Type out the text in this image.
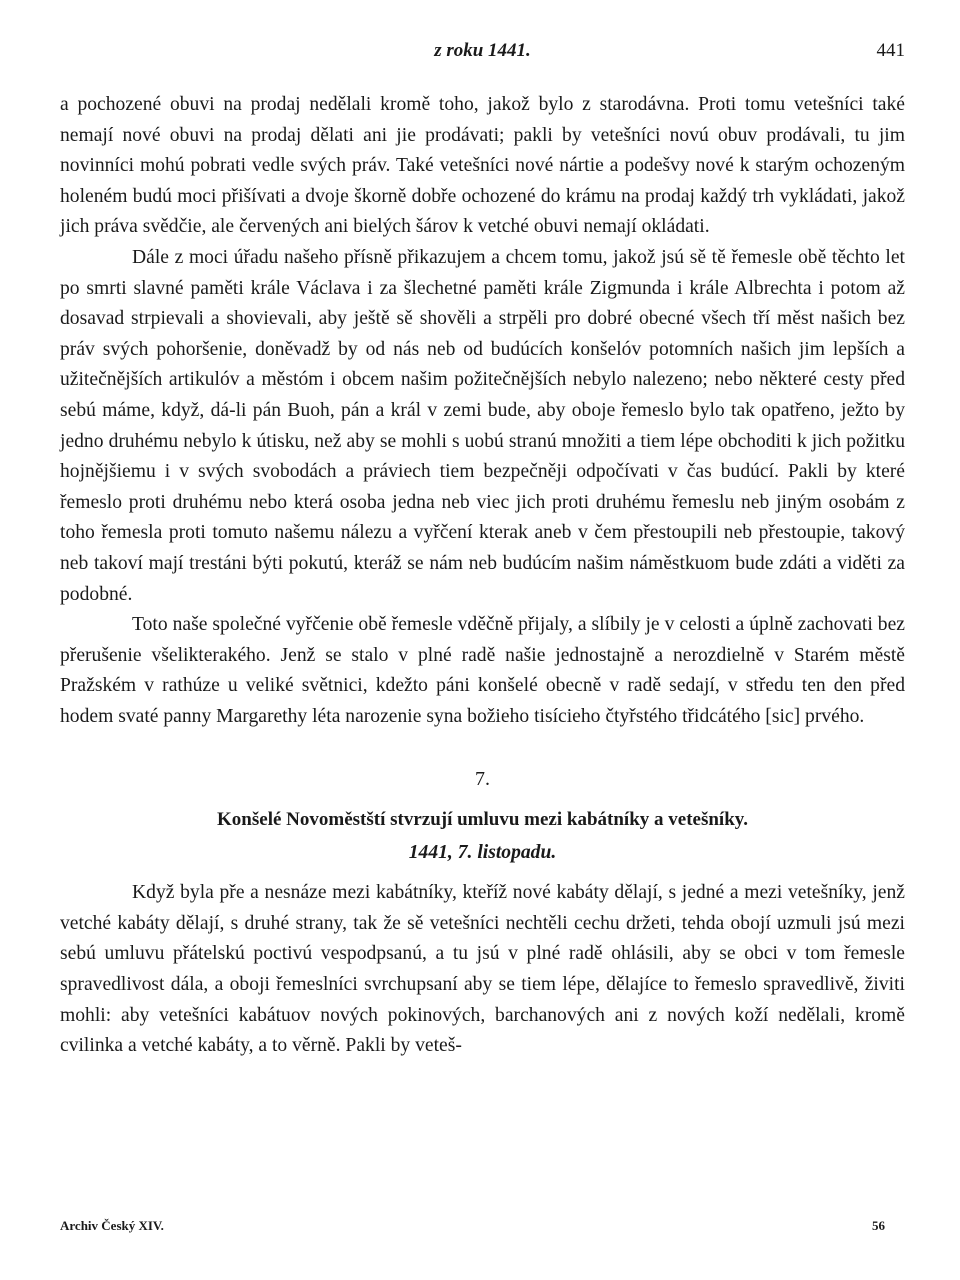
z roku 1441.	441

a pochozené obuvi na prodaj nedělali kromě toho, jakož bylo z starodávna. Proti tomu vetešníci také nemají nové obuvi na prodaj dělati ani jie prodávati; pakli by vetešníci novú obuv prodávali, tu jim novinníci mohú pobrati vedle svých práv. Také vetešníci nové nártie a podešvy nové k starým ochozeným holeném budú moci přišívati a dvoje škorně dobře ochozené do krámu na prodaj každý trh vykládati, jakož jich práva svědčie, ale červených ani bielých šárov k vetché obuvi nemají okládati.

Dále z moci úřadu našeho přísně přikazujem a chcem tomu, jakož jsú sě tě řemesle obě těchto let po smrti slavné paměti krále Václava i za šlechetné paměti krále Zigmunda i krále Albrechta i potom až dosavad strpievali a shovievali, aby ještě sě shověli a strpěli pro dobré obecné všech tří měst našich bez práv svých pohoršenie, doněvadž by od nás neb od budúcích konšelóv potomních našich jim lepších a užitečnějších artikulóv a městóm i obcem našim požitečnějších nebylo nalezeno; nebo některé cesty před sebú máme, když, dá-li pán Buoh, pán a král v zemi bude, aby oboje řemeslo bylo tak opatřeno, ježto by jedno druhému nebylo k útisku, než aby se mohli s uobú stranú množiti a tiem lépe obchoditi k jich požitku hojnějšiemu i v svých svobodách a práviech tiem bezpečněji odpočívati v čas budúcí. Pakli by které řemeslo proti druhému nebo která osoba jedna neb viec jich proti druhému řemeslu neb jiným osobám z toho řemesla proti tomuto našemu nálezu a vyřčení kterak aneb v čem přestoupili neb přestoupie, takový neb takoví mají trestáni býti pokutú, kteráž se nám neb budúcím našim náměstkuom bude zdáti a viděti za podobné.

Toto naše společné vyřčenie obě řemesle vděčně přijaly, a slíbily je v celosti a úplně zachovati bez přerušenie všelikterakého. Jenž se stalo v plné radě našie jednostajně a nerozdielně v Starém městě Pražském v rathúze u veliké světnici, kdežto páni konšelé obecně v radě sedají, v středu ten den před hodem svaté panny Margarethy léta narozenie syna božieho tisícieho čtyřstého třidcátého [sic] prvého.

7.
Konšelé Novoměstští stvrzují umluvu mezi kabátníky a vetešníky.
1441, 7. listopadu.

Když byla pře a nesnáze mezi kabátníky, kteříž nové kabáty dělají, s jedné a mezi vetešníky, jenž vetché kabáty dělají, s druhé strany, tak že sě vetešníci nechtěli cechu držeti, tehda obojí uzmuli jsú mezi sebú umluvu přátelskú poctivú vespodpsanú, a tu jsú v plné radě ohlásili, aby se obci v tom řemesle spravedlivost dála, a oboji řemeslníci svrchupsaní aby se tiem lépe, dělajíce to řemeslo spravedlivě, živiti mohli: aby vetešníci kabátuov nových pokinových, barchanových ani z nových koží nedělali, kromě cvilinka a vetché kabáty, a to věrně. Pakli by veteš-

Archiv Český XIV.	56
